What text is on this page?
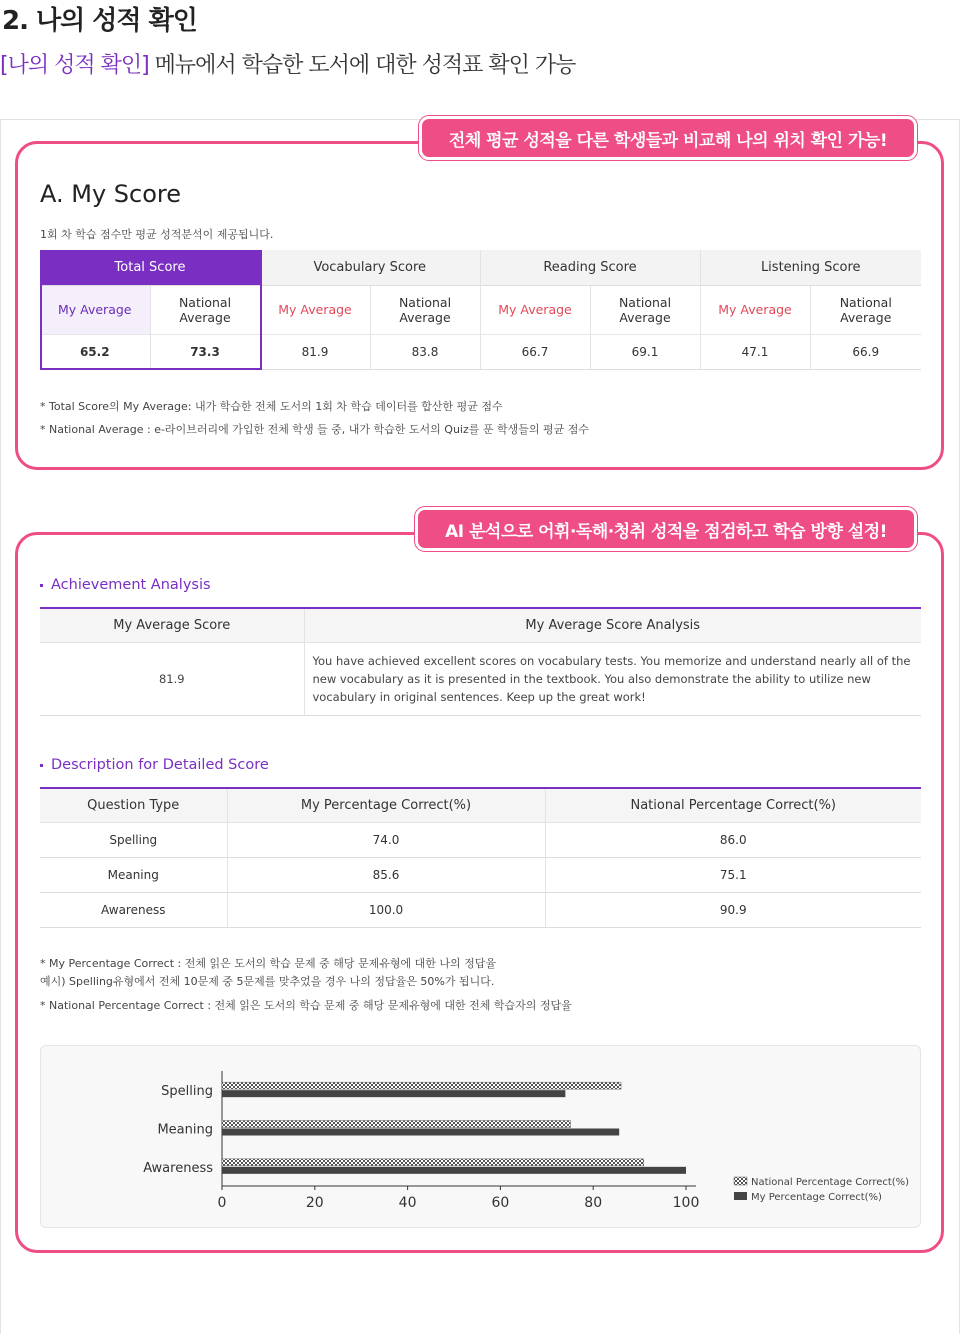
2. 나의 성적 확인
[나의 성적 확인] 메뉴에서 학습한 도서에 대한 성적표 확인 가능
전체 평균 성적을 다른 학생들과 비교해 나의 위치 확인 가능!
A. My Score
1회 차 학습 점수만 평균 성적분석이 제공됩니다.
Total Score		Vocabulary Score		Reading Score		Listening Score	
My Average	National Average	My Average	National Average	My Average	National Average	My Average	National Average
65.2	73.3	81.9	83.8	66.7	69.1	47.1	66.9
* Total Score의 My Average: 내가 학습한 전체 도서의 1회 차 학습 데이터를 합산한 평균 점수
* National Average : e-라이브러리에 가입한 전체 학생 들 중, 내가 학습한 도서의 Quiz를 푼 학생들의 평균 점수
AI 분석으로 어휘·독해·청취 성적을 점검하고 학습 방향 설정!
Achievement Analysis
My Average Score	My Average Score Analysis
81.9	You have achieved excellent scores on vocabulary tests. You memorize and understand nearly all of the new vocabulary as it is presented in the textbook. You also demonstrate the ability to utilize new vocabulary in original sentences. Keep up the great work!
Description for Detailed Score
Question Type	My Percentage Correct(%)	National Percentage Correct(%)
Spelling	74.0	86.0
Meaning	85.6	75.1
Awareness	100.0	90.9
* My Percentage Correct : 전체 읽은 도서의 학습 문제 중 해당 문제유형에 대한 나의 정답율
예시) Spelling유형에서 전체 10문제 중 5문제를 맞추었을 경우 나의 정답율은 50%가 됩니다.
* National Percentage Correct : 전체 읽은 도서의 학습 문제 중 해당 문제유형에 대한 전체 학습자의 정답율
0	20	40	60	80	100
Spelling
Meaning
Awareness
National Percentage Correct(%)
My Percentage Correct(%)
